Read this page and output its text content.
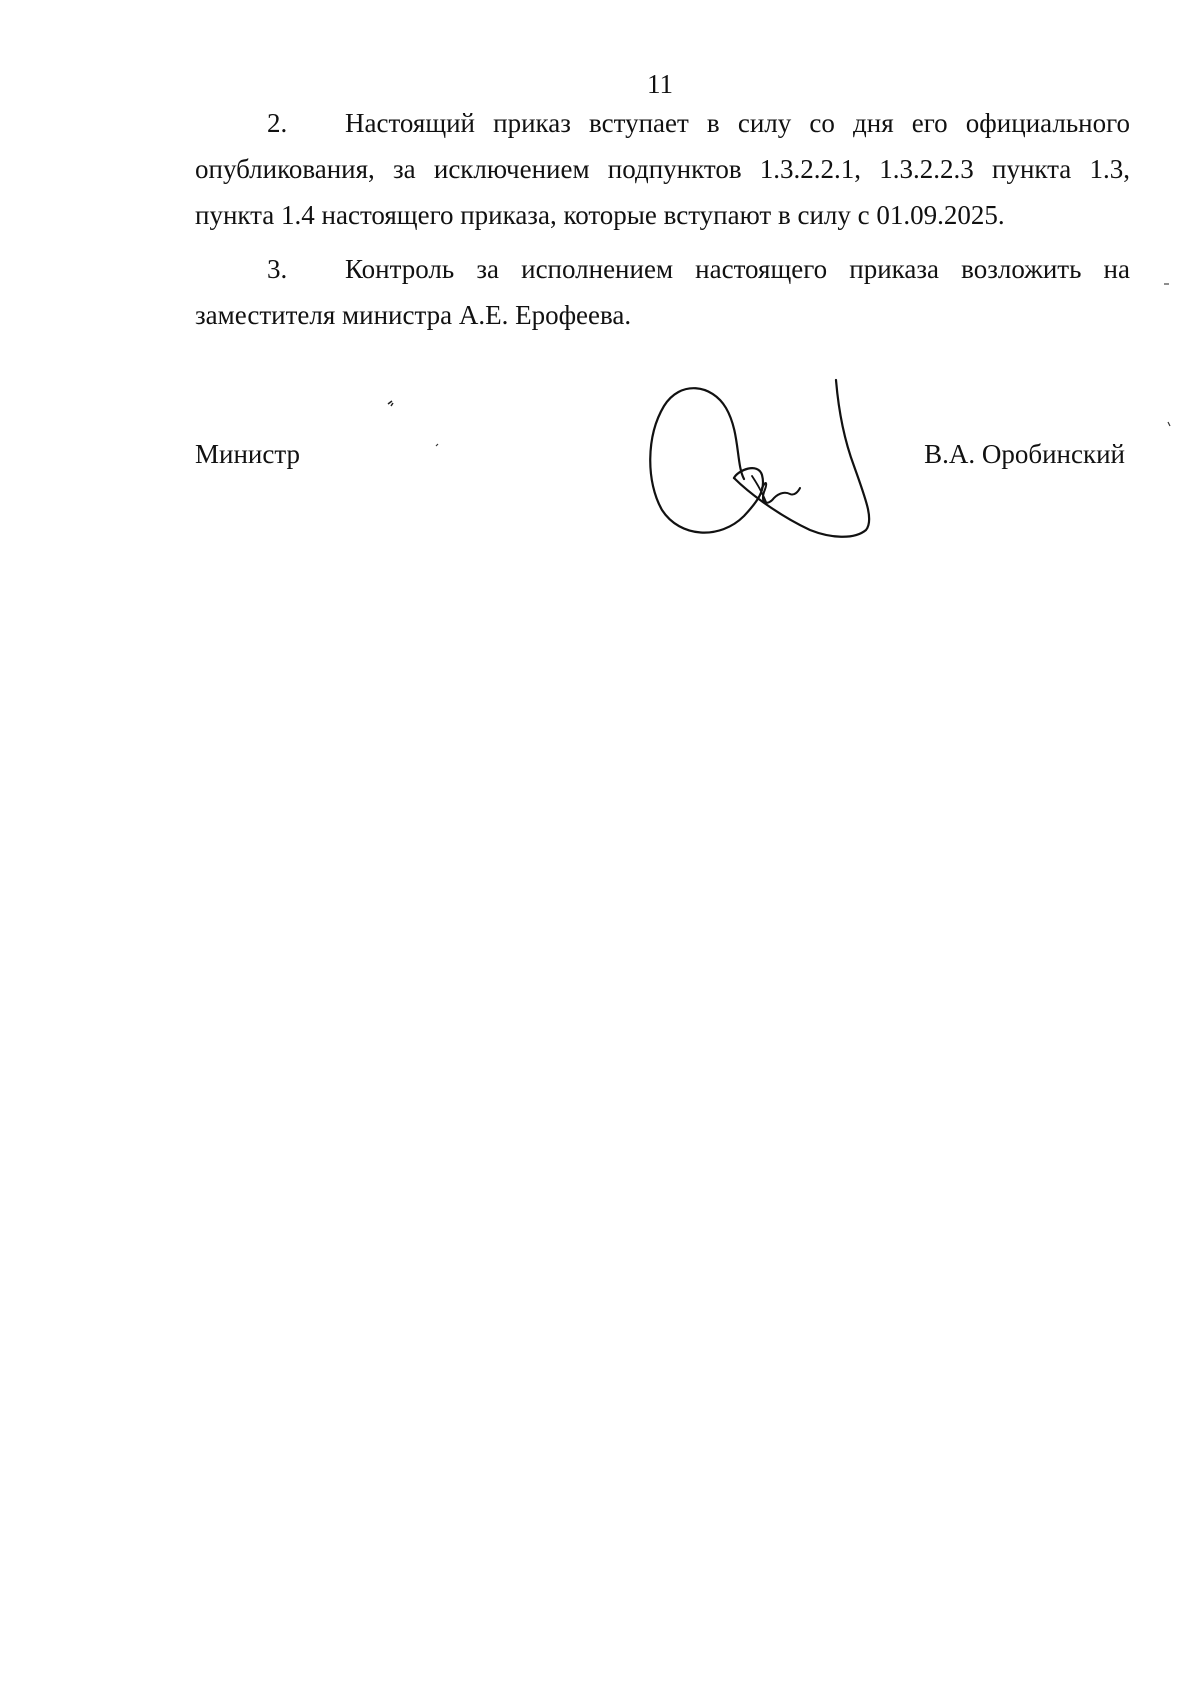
11
2. Настоящий приказ вступает в силу со дня его официального
опубликования, за исключением подпунктов 1.3.2.2.1, 1.3.2.2.3 пункта 1.3,
пункта 1.4 настоящего приказа, которые вступают в силу с 01.09.2025.
3. Контроль за исполнением настоящего приказа возложить на
заместителя министра А.Е. Ерофеева.
Министр	В.А. Оробинский
